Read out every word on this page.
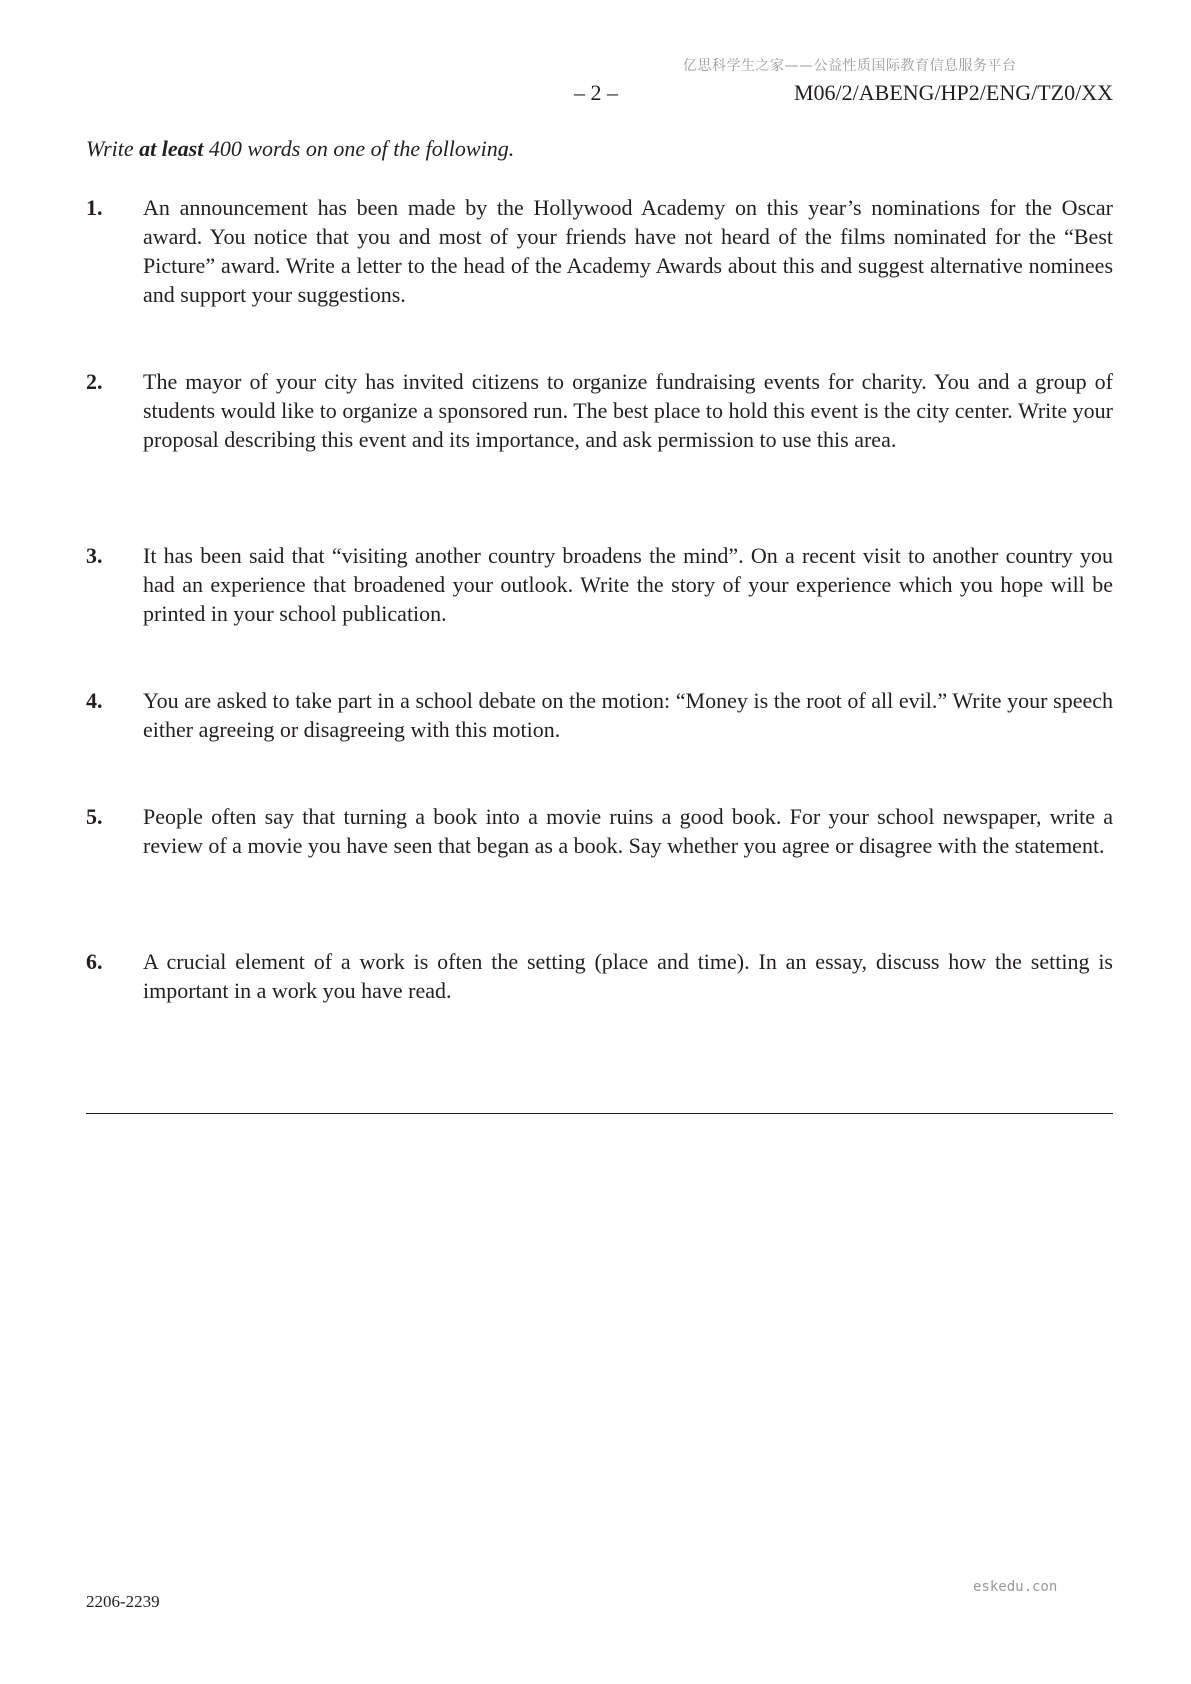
亿思科学生之家——公益性质国际教育信息服务平台
– 2 –	M06/2/ABENG/HP2/ENG/TZ0/XX
Write at least 400 words on one of the following.
1. An announcement has been made by the Hollywood Academy on this year’s nominations for the Oscar award. You notice that you and most of your friends have not heard of the films nominated for the “Best Picture” award. Write a letter to the head of the Academy Awards about this and suggest alternative nominees and support your suggestions.
2. The mayor of your city has invited citizens to organize fundraising events for charity. You and a group of students would like to organize a sponsored run. The best place to hold this event is the city center. Write your proposal describing this event and its importance, and ask permission to use this area.
3. It has been said that “visiting another country broadens the mind”. On a recent visit to another country you had an experience that broadened your outlook. Write the story of your experience which you hope will be printed in your school publication.
4. You are asked to take part in a school debate on the motion: “Money is the root of all evil.” Write your speech either agreeing or disagreeing with this motion.
5. People often say that turning a book into a movie ruins a good book. For your school newspaper, write a review of a movie you have seen that began as a book. Say whether you agree or disagree with the statement.
6. A crucial element of a work is often the setting (place and time). In an essay, discuss how the setting is important in a work you have read.
2206-2239
eskedu.con
